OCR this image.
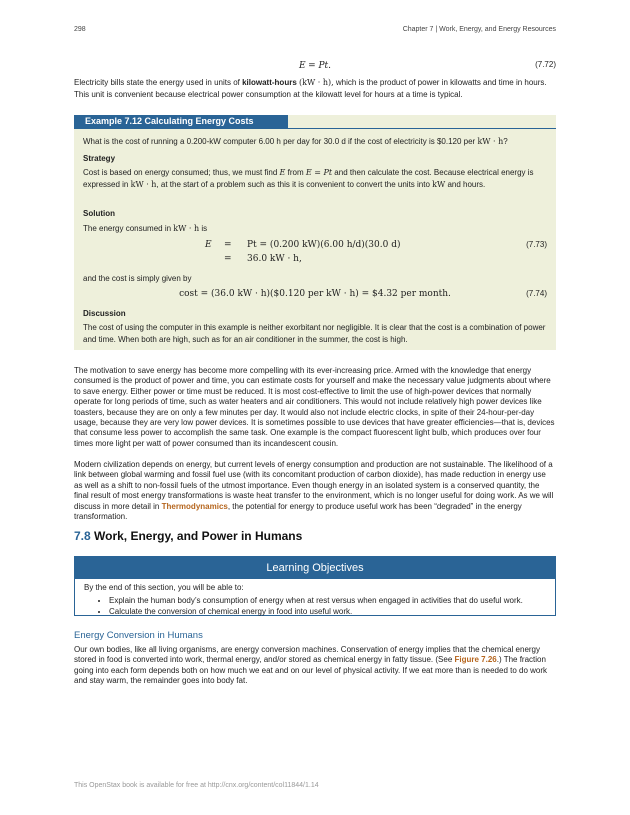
298	Chapter 7 | Work, Energy, and Energy Resources
E = Pt.	(7.72)

Electricity bills state the energy used in units of kilowatt-hours (kW · h), which is the product of power in kilowatts and time in hours. This unit is convenient because electrical power consumption at the kilowatt level for hours at a time is typical.

Example 7.12 Calculating Energy Costs

What is the cost of running a 0.200-kW computer 6.00 h per day for 30.0 d if the cost of electricity is $0.120 per kW · h?

Strategy

Cost is based on energy consumed; thus, we must find E from E = Pt and then calculate the cost. Because electrical energy is expressed in kW · h, at the start of a problem such as this it is convenient to convert the units into kW and hours.

Solution

The energy consumed in kW · h is

E = Pt = (0.200 kW)(6.00 h/d)(30.0 d)
= 36.0 kW · h,
(7.73)

and the cost is simply given by

cost = (36.0 kW · h)($0.120 per kW · h) = $4.32 per month.	(7.74)
Discussion

The cost of using the computer in this example is neither exorbitant nor negligible. It is clear that the cost is a combination of power and time. When both are high, such as for an air conditioner in the summer, the cost is high.

The motivation to save energy has become more compelling with its ever-increasing price. Armed with the knowledge that energy consumed is the product of power and time, you can estimate costs for yourself and make the necessary value judgments about where to save energy. Either power or time must be reduced. It is most cost-effective to limit the use of high-power devices that normally operate for long periods of time, such as water heaters and air conditioners. This would not include relatively high power devices like toasters, because they are on only a few minutes per day. It would also not include electric clocks, in spite of their 24-hour-per-day usage, because they are very low power devices. It is sometimes possible to use devices that have greater efficiencies—that is, devices that consume less power to accomplish the same task. One example is the compact fluorescent light bulb, which produces over four times more light per watt of power consumed than its incandescent cousin.

Modern civilization depends on energy, but current levels of energy consumption and production are not sustainable. The likelihood of a link between global warming and fossil fuel use (with its concomitant production of carbon dioxide), has made reduction in energy use as well as a shift to non-fossil fuels of the utmost importance. Even though energy in an isolated system is a conserved quantity, the final result of most energy transformations is waste heat transfer to the environment, which is no longer useful for doing work. As we will discuss in more detail in Thermodynamics, the potential for energy to produce useful work has been “degraded” in the energy transformation.

7.8 Work, Energy, and Power in Humans
Learning Objectives
By the end of this section, you will be able to:
• Explain the human body’s consumption of energy when at rest versus when engaged in activities that do useful work.
• Calculate the conversion of chemical energy in food into useful work.
Energy Conversion in Humans

Our own bodies, like all living organisms, are energy conversion machines. Conservation of energy implies that the chemical energy stored in food is converted into work, thermal energy, and/or stored as chemical energy in fatty tissue. (See Figure 7.26.) The fraction going into each form depends both on how much we eat and on our level of physical activity. If we eat more than is needed to do work and stay warm, the remainder goes into body fat.

This OpenStax book is available for free at http://cnx.org/content/col11844/1.14
